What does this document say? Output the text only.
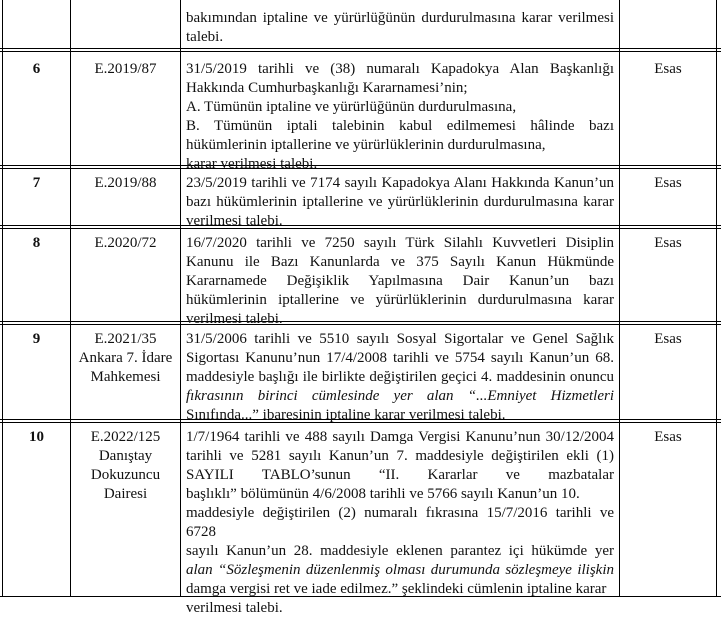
bakımından iptaline ve yürürlüğünün durdurulmasına karar verilmesi
talebi.
6	E.2019/87	31/5/2019 tarihli ve (38) numaralı Kapadokya Alan Başkanlığı
Hakkında Cumhurbaşkanlığı Kararnamesi’nin;
A. Tümünün iptaline ve yürürlüğünün durdurulmasına,
B. Tümünün iptali talebinin kabul edilmemesi hâlinde bazı
hükümlerinin iptallerine ve yürürlüklerinin durdurulmasına,
karar verilmesi talebi.
Esas
7	E.2019/88	23/5/2019 tarihli ve 7174 sayılı Kapadokya Alanı Hakkında Kanun’un
bazı hükümlerinin iptallerine ve yürürlüklerinin durdurulmasına karar
verilmesi talebi.
Esas
8	E.2020/72	16/7/2020 tarihli ve 7250 sayılı Türk Silahlı Kuvvetleri Disiplin
Kanunu ile Bazı Kanunlarda ve 375 Sayılı Kanun Hükmünde
Kararnamede Değişiklik Yapılmasına Dair Kanun’un bazı
hükümlerinin iptallerine ve yürürlüklerinin durdurulmasına karar
verilmesi talebi.
Esas
9	E.2021/35 Ankara 7. İdare Mahkemesi
31/5/2006 tarihli ve 5510 sayılı Sosyal Sigortalar ve Genel Sağlık
Sigortası Kanunu’nun 17/4/2008 tarihli ve 5754 sayılı Kanun’un 68.
maddesiyle başlığı ile birlikte değiştirilen geçici 4. maddesinin onuncu
fıkrasının birinci cümlesinde yer alan “...Emniyet Hizmetleri
Sınıfında...” ibaresinin iptaline karar verilmesi talebi.
Esas
10	E.2022/125 Danıştay Dokuzuncu Dairesi
1/7/1964 tarihli ve 488 sayılı Damga Vergisi Kanunu’nun 30/12/2004
tarihli ve 5281 sayılı Kanun’un 7. maddesiyle değiştirilen ekli (1)
SAYILI TABLO’sunun “II. Kararlar ve mazbatalar
başlıklı” bölümünün 4/6/2008 tarihli ve 5766 sayılı Kanun’un 10.
maddesiyle değiştirilen (2) numaralı fıkrasına 15/7/2016 tarihli ve 6728
sayılı Kanun’un 28. maddesiyle eklenen parantez içi hükümde yer
alan “Sözleşmenin düzenlenmiş olması durumunda sözleşmeye ilişkin
damga vergisi ret ve iade edilmez.” şeklindeki cümlenin iptaline karar
verilmesi talebi.
Esas
